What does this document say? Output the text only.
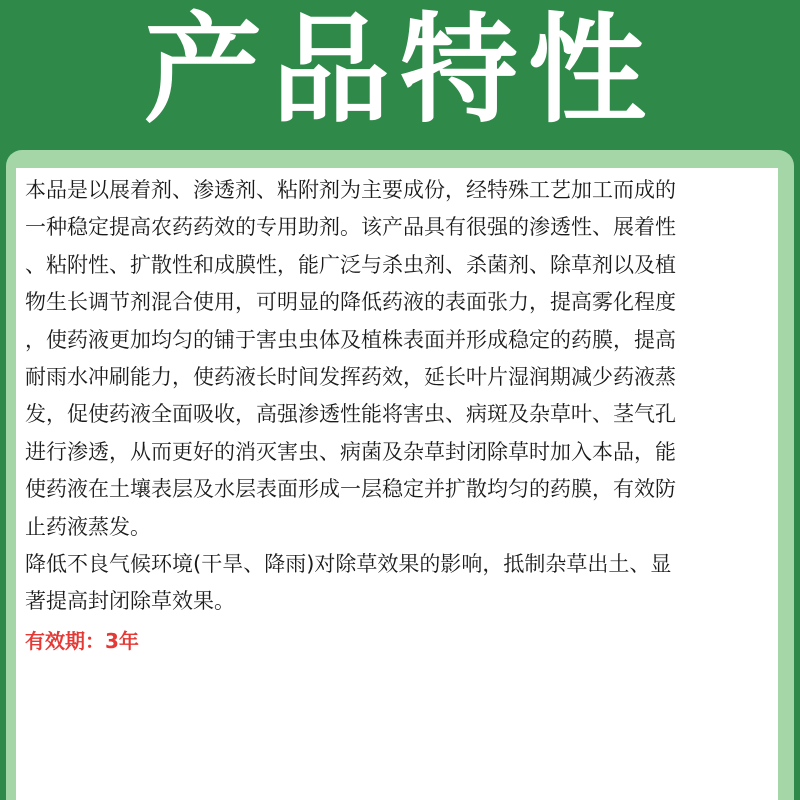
产品特性

本品是以展着剂、渗透剂、粘附剂为主要成份，经特殊工艺加工而成的
一种稳定提高农药药效的专用助剂。该产品具有很强的渗透性、展着性
、粘附性、扩散性和成膜性，能广泛与杀虫剂、杀菌剂、除草剂以及植
物生长调节剂混合使用，可明显的降低药液的表面张力，提高雾化程度
，使药液更加均匀的铺于害虫虫体及植株表面并形成稳定的药膜，提高
耐雨水冲刷能力，使药液长时间发挥药效，延长叶片湿润期减少药液蒸
发，促使药液全面吸收，高强渗透性能将害虫、病斑及杂草叶、茎气孔
进行渗透，从而更好的消灭害虫、病菌及杂草封闭除草时加入本品，能
使药液在土壤表层及水层表面形成一层稳定并扩散均匀的药膜，有效防
止药液蒸发。

降低不良气候环境(干旱、降雨)对除草效果的影响，抵制杂草出土、显
著提高封闭除草效果。

有效期：3年
